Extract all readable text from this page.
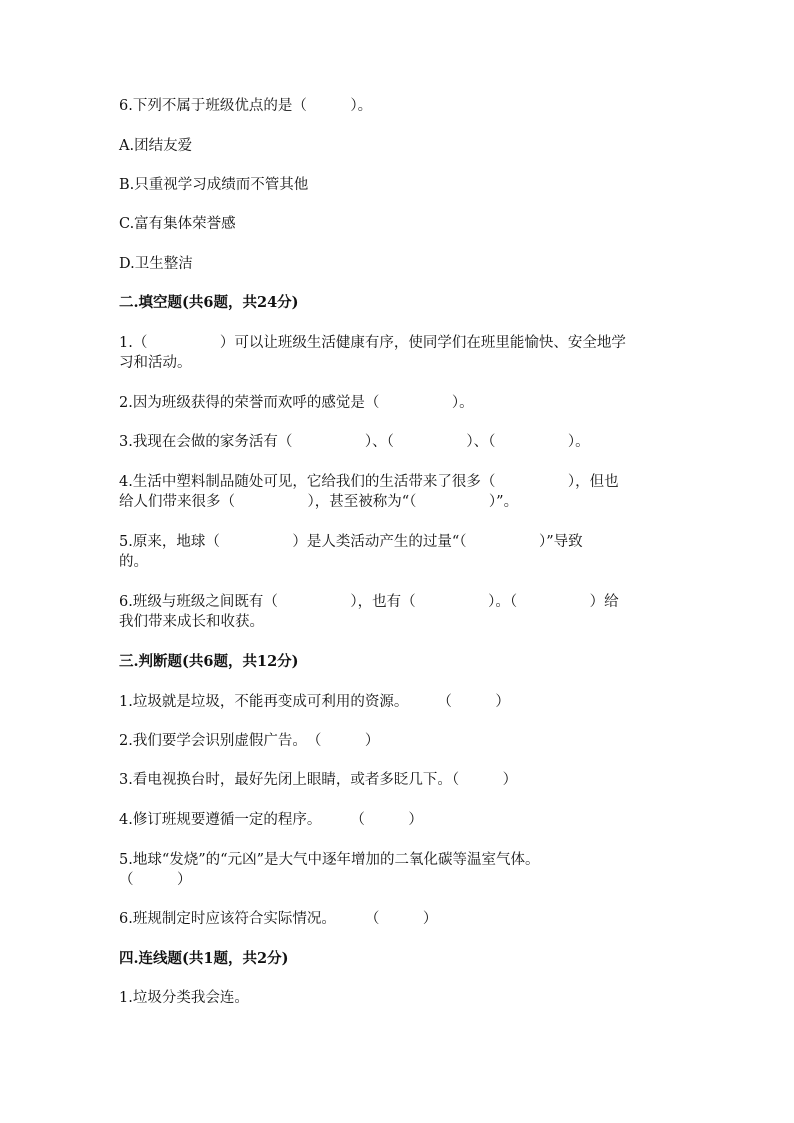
6.下列不属于班级优点的是（　　　）。
A.团结友爱
B.只重视学习成绩而不管其他
C.富有集体荣誉感
D.卫生整洁
二.填空题(共6题，共24分)
1.（　　　　　）可以让班级生活健康有序，使同学们在班里能愉快、安全地学
习和活动。
2.因为班级获得的荣誉而欢呼的感觉是（　　　　　）。
3.我现在会做的家务活有（　　　　　）、（　　　　　）、（　　　　　）。
4.生活中塑料制品随处可见，它给我们的生活带来了很多（　　　　　），但也
给人们带来很多（　　　　　），甚至被称为“（　　　　　）”。
5.原来，地球（　　　　　）是人类活动产生的过量“（　　　　　）”导致
的。
6.班级与班级之间既有（　　　　　），也有（　　　　　）。（　　　　　）给
我们带来成长和收获。
三.判断题(共6题，共12分)
1.垃圾就是垃圾，不能再变成可利用的资源。　　　（　　　）
2.我们要学会识别虚假广告。　（　　　）
3.看电视换台时，最好先闭上眼睛，或者多眨几下。（　　　）
4.修订班规要遵循一定的程序。　　　（　　　）
5.地球“发烧”的“元凶”是大气中逐年增加的二氧化碳等温室气体。
（　　　）
6.班规制定时应该符合实际情况。　　　（　　　）
四.连线题(共1题，共2分)
1.垃圾分类我会连。
